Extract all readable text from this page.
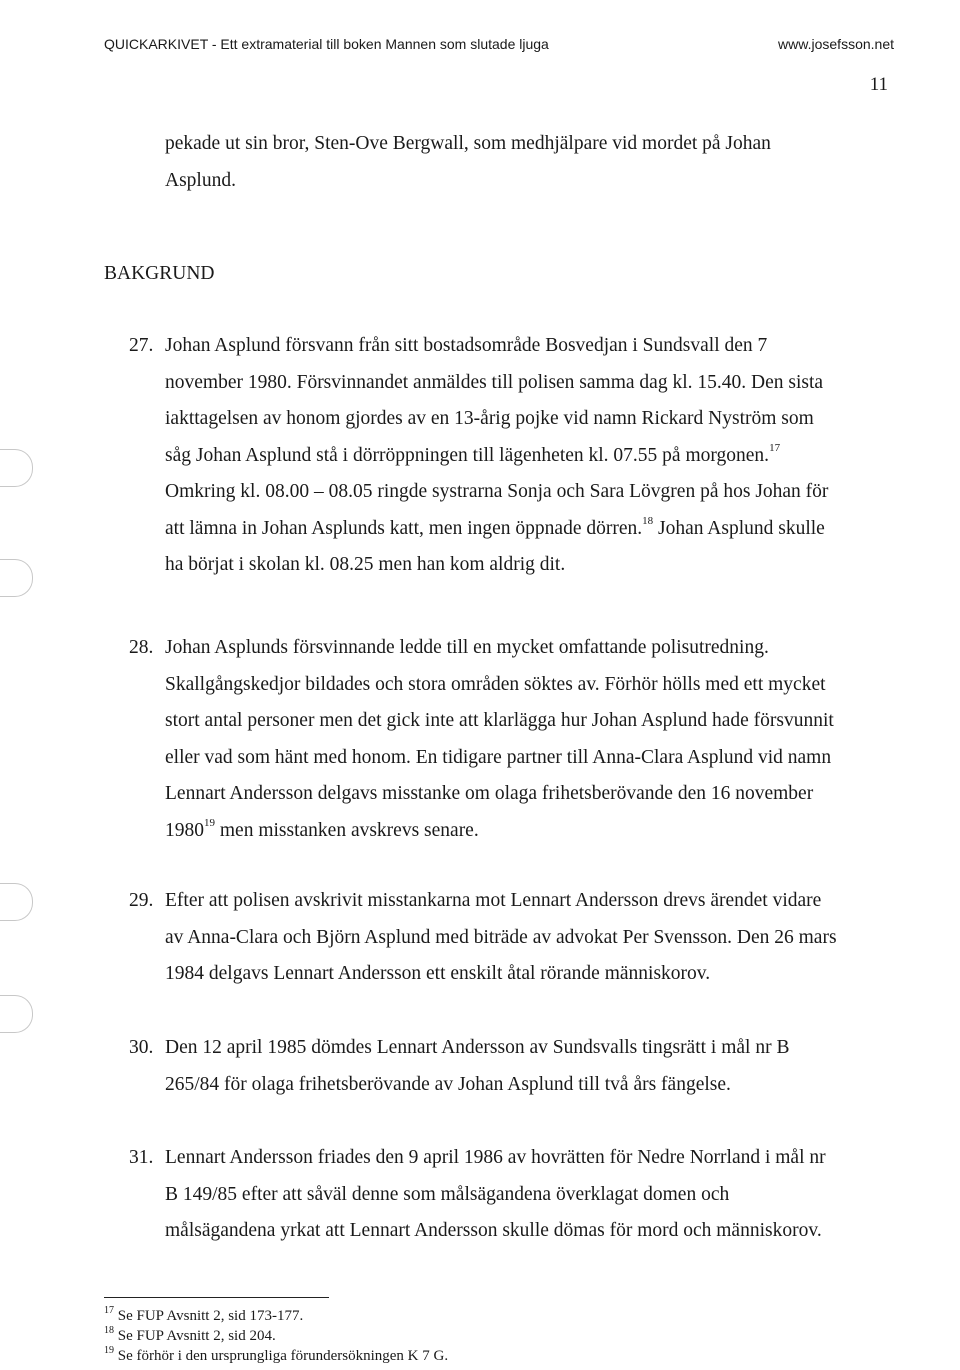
QUICKARKIVET - Ett extramaterial till boken Mannen som slutade ljuga	www.josefsson.net
11
pekade ut sin bror, Sten-Ove Bergwall, som medhjälpare vid mordet på Johan
Asplund.
BAKGRUND
27. Johan Asplund försvann från sitt bostadsområde Bosvedjan i Sundsvall den 7
november 1980. Försvinnandet anmäldes till polisen samma dag kl. 15.40. Den sista
iakttagelsen av honom gjordes av en 13-årig pojke vid namn Rickard Nyström som
såg Johan Asplund stå i dörröppningen till lägenheten kl. 07.55 på morgonen.$^{17}$
Omkring kl. 08.00 – 08.05 ringde systrarna Sonja och Sara Lövgren på hos Johan för
att lämna in Johan Asplunds katt, men ingen öppnade dörren.$^{18}$ Johan Asplund skulle
ha börjat i skolan kl. 08.25 men han kom aldrig dit.
28. Johan Asplunds försvinnande ledde till en mycket omfattande polisutredning.
Skallgångskedjor bildades och stora områden söktes av. Förhör hölls med ett mycket
stort antal personer men det gick inte att klarlägga hur Johan Asplund hade försvunnit
eller vad som hänt med honom. En tidigare partner till Anna-Clara Asplund vid namn
Lennart Andersson delgavs misstanke om olaga frihetsberövande den 16 november
1980$^{19}$ men misstanken avskrevs senare.
29. Efter att polisen avskrivit misstankarna mot Lennart Andersson drevs ärendet vidare
av Anna-Clara och Björn Asplund med biträde av advokat Per Svensson. Den 26 mars
1984 delgavs Lennart Andersson ett enskilt åtal rörande människorov.
30. Den 12 april 1985 dömdes Lennart Andersson av Sundsvalls tingsrätt i mål nr B
265/84 för olaga frihetsberövande av Johan Asplund till två års fängelse.
31. Lennart Andersson friades den 9 april 1986 av hovrätten för Nedre Norrland i mål nr
B 149/85 efter att såväl denne som målsägandena överklagat domen och
målsägandena yrkat att Lennart Andersson skulle dömas för mord och människorov.
$^{17}$ Se FUP Avsnitt 2, sid 173-177.
$^{18}$ Se FUP Avsnitt 2, sid 204.
$^{19}$ Se förhör i den ursprungliga förundersökningen K 7 G.
